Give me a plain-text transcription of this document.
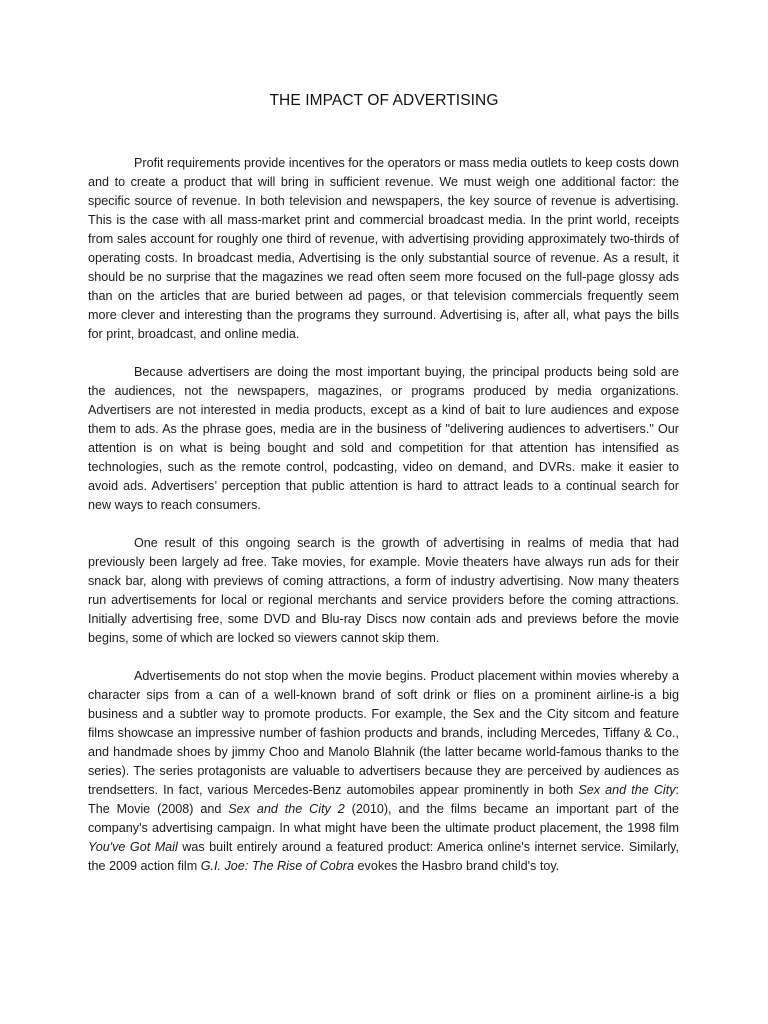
THE IMPACT OF ADVERTISING

Profit requirements provide incentives for the operators or mass media outlets to keep costs down and to create a product that will bring in sufficient revenue. We must weigh one additional factor: the specific source of revenue. In both television and newspapers, the key source of revenue is advertising. This is the case with all mass-market print and commercial broadcast media. In the print world, receipts from sales account for roughly one third of revenue, with advertising providing approximately two-thirds of operating costs. In broadcast media, Advertising is the only substantial source of revenue. As a result, it should be no surprise that the magazines we read often seem more focused on the full-page glossy ads than on the articles that are buried between ad pages, or that television commercials frequently seem more clever and interesting than the programs they surround. Advertising is, after all, what pays the bills for print, broadcast, and online media.

Because advertisers are doing the most important buying, the principal products being sold are the audiences, not the newspapers, magazines, or programs produced by media organizations. Advertisers are not interested in media products, except as a kind of bait to lure audiences and expose them to ads. As the phrase goes, media are in the business of "delivering audiences to advertisers." Our attention is on what is being bought and sold and competition for that attention has intensified as technologies, such as the remote control, podcasting, video on demand, and DVRs. make it easier to avoid ads. Advertisers’ perception that public attention is hard to attract leads to a continual search for new ways to reach consumers.

One result of this ongoing search is the growth of advertising in realms of media that had previously been largely ad free. Take movies, for example. Movie theaters have always run ads for their snack bar, along with previews of coming attractions, a form of industry advertising. Now many theaters run advertisements for local or regional merchants and service providers before the coming attractions. Initially advertising free, some DVD and Blu-ray Discs now contain ads and previews before the movie begins, some of which are locked so viewers cannot skip them.

Advertisements do not stop when the movie begins. Product placement within movies whereby a character sips from a can of a well-known brand of soft drink or flies on a prominent airline-is a big business and a subtler way to promote products. For example, the Sex and the City sitcom and feature films showcase an impressive number of fashion products and brands, including Mercedes, Tiffany & Co., and handmade shoes by jimmy Choo and Manolo Blahnik (the latter became world-famous thanks to the series). The series protagonists are valuable to advertisers because they are perceived by audiences as trendsetters. In fact, various Mercedes-Benz automobiles appear prominently in both Sex and the City: The Movie (2008) and Sex and the City 2 (2010), and the films became an important part of the company's advertising campaign. In what might have been the ultimate product placement, the 1998 film You've Got Mail was built entirely around a featured product: America online's internet service. Similarly, the 2009 action film G.I. Joe: The Rise of Cobra evokes the Hasbro brand child's toy.
